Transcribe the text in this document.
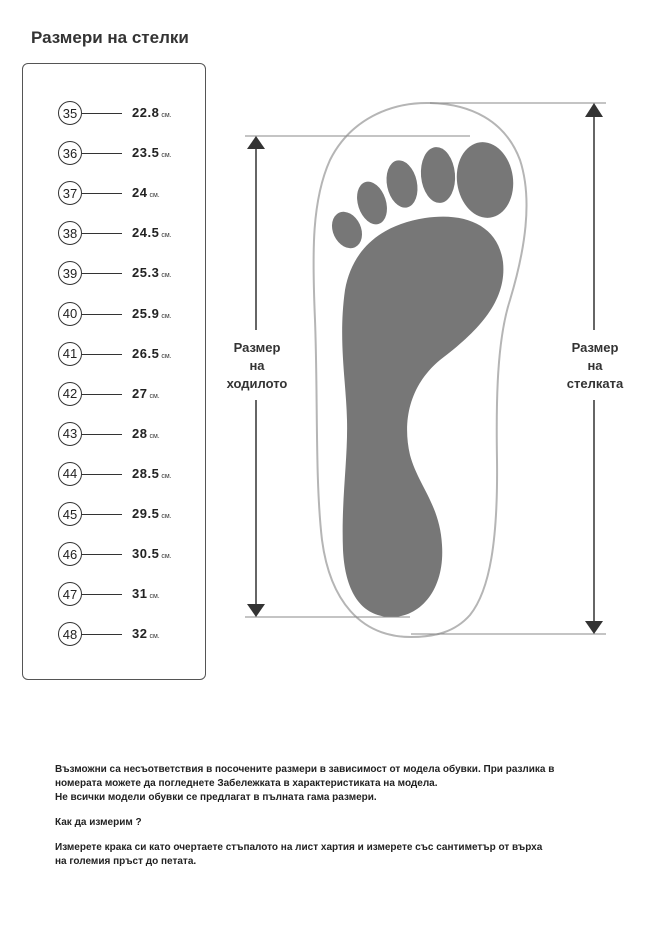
Размери на стелки
35	22.8 см.
36	23.5 см.
37	24 см.
38	24.5 см.
39	25.3 см.
40	25.9 см.
41	26.5 см.
42	27 см.
43	28 см.
44	28.5 см.
45	29.5 см.
46	30.5 см.
47	31 см.
48	32 см.
Размер
на
ходилото
Размер
на
стелката

Възможни са несъответствия в посочените размери в зависимост от модела обувки. При разлика в

номерата можете да погледнете Забележката в характеристиката на модела.

Не всички модели обувки се предлагат в пълната гама размери.

Как да измерим ?

Измерете крака си като очертаете стъпалото на лист хартия и измерете със сантиметър от върха

на големия пръст до петата.
